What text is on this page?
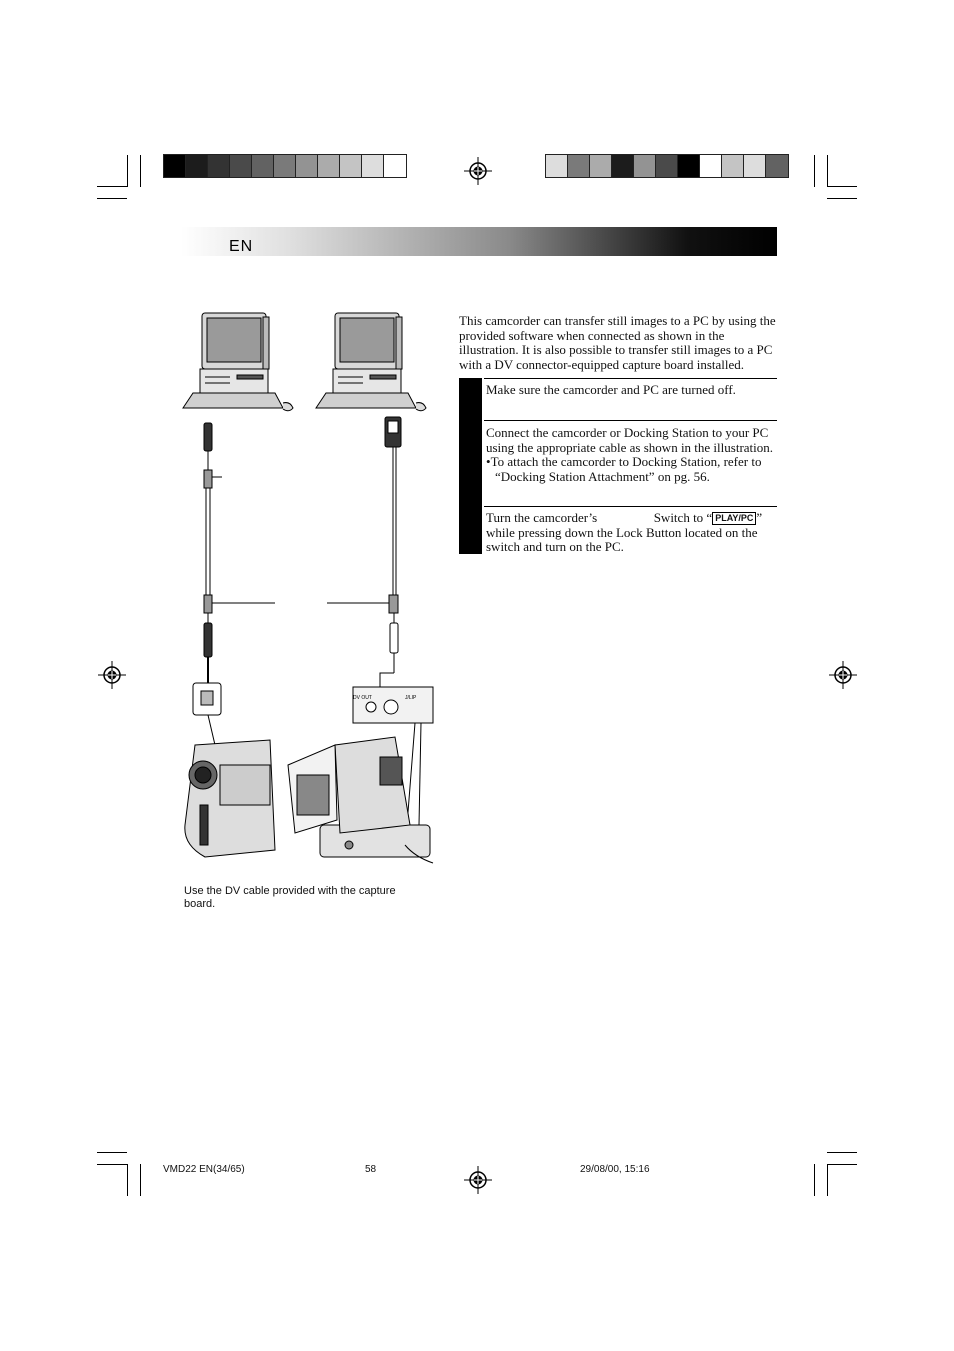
EN
DV OUT	J/LIP
This camcorder can transfer still images to a PC by using the provided software when connected as shown in the illustration. It is also possible to transfer still images to a PC with a DV connector-equipped capture board installed.
Make sure the camcorder and PC are turned off.
Connect the camcorder or Docking Station to your PC using the appropriate cable as shown in the illustration.
•To attach the camcorder to Docking Station, refer to “Docking Station Attachment” on pg. 56.
Turn the camcorder’s	Switch to “ PLAY/PC ” while pressing down the Lock Button located on the switch and turn on the PC.
Use the DV cable provided with the capture board.
VMD22 EN(34/65)	58	29/08/00, 15:16
